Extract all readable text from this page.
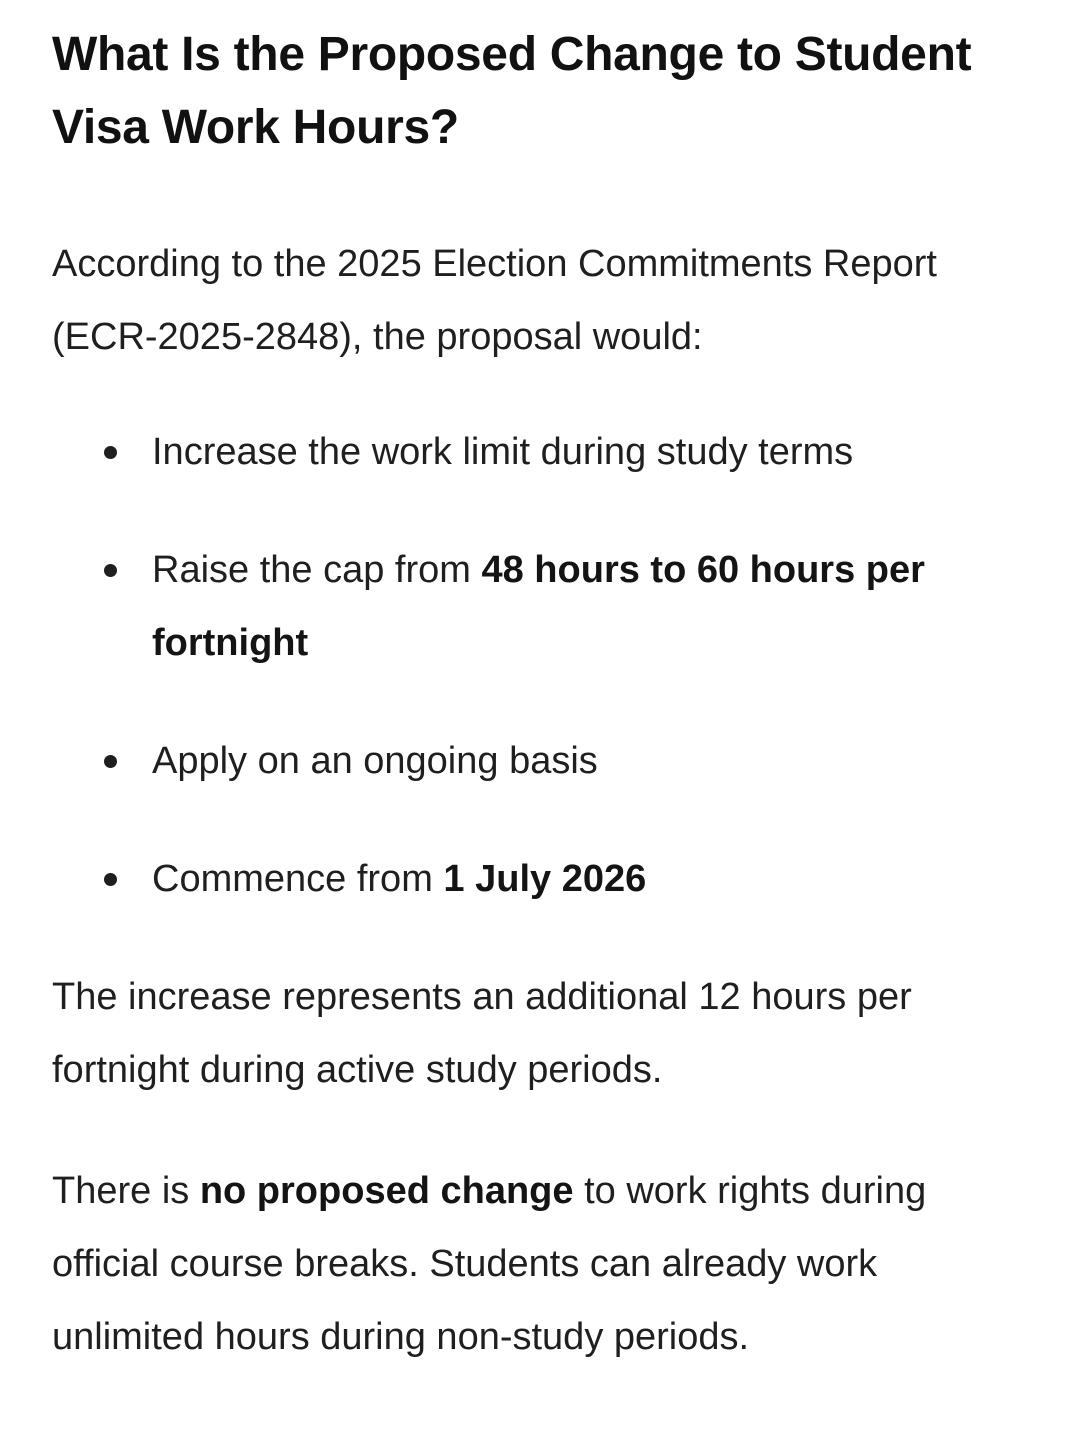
What Is the Proposed Change to Student Visa Work Hours?

According to the 2025 Election Commitments Report (ECR-2025-2848), the proposal would:

Increase the work limit during study terms
Raise the cap from 48 hours to 60 hours per fortnight
Apply on an ongoing basis
Commence from 1 July 2026

The increase represents an additional 12 hours per fortnight during active study periods.

There is no proposed change to work rights during official course breaks. Students can already work unlimited hours during non-study periods.
